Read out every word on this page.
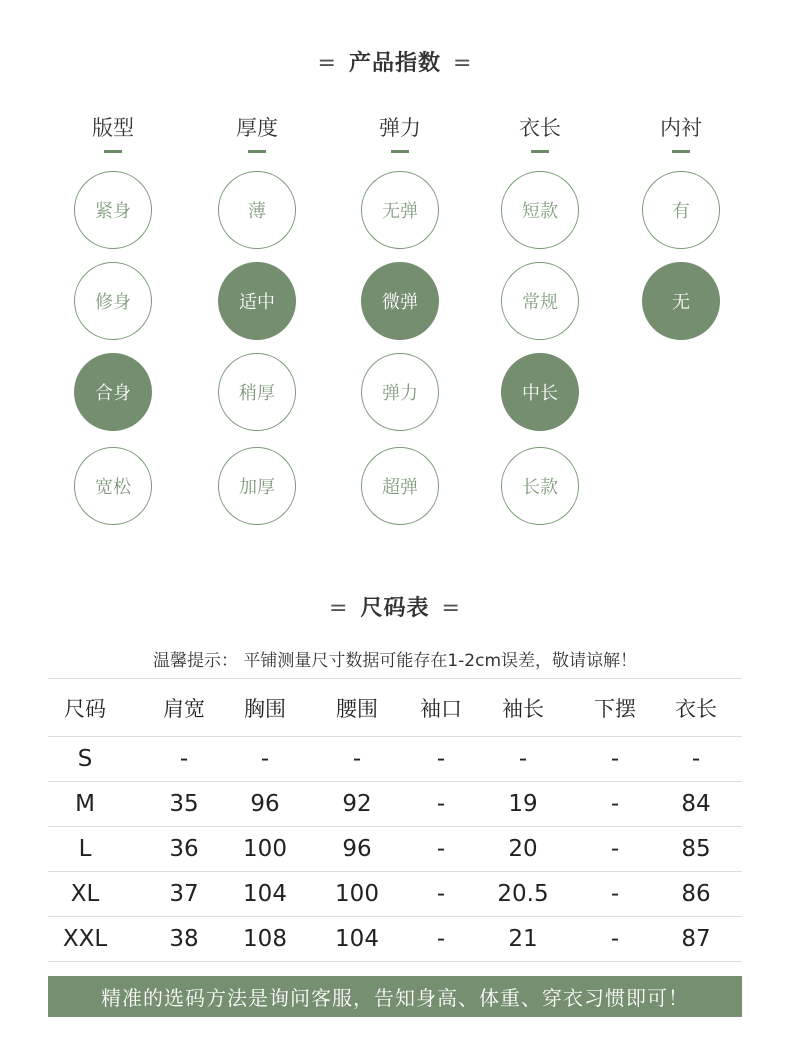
= 产品指数 =
版型
紧身
修身
合身
宽松
厚度
薄
适中
稍厚
加厚
弹力
无弹
微弹
弹力
超弹
衣长
短款
常规
中长
长款
内衬
有
无
= 尺码表 =
温馨提示： 平铺测量尺寸数据可能存在1-2cm误差，敬请谅解！
尺码	肩宽	胸围	腰围	袖口	袖长	下摆	衣长
S	-	-	-	-	-	-	-
M	35	96	92	-	19	-	84
L	36	100	96	-	20	-	85
XL	37	104	100	-	20.5	-	86
XXL	38	108	104	-	21	-	87
精准的选码方法是询问客服，告知身高、体重、穿衣习惯即可！
